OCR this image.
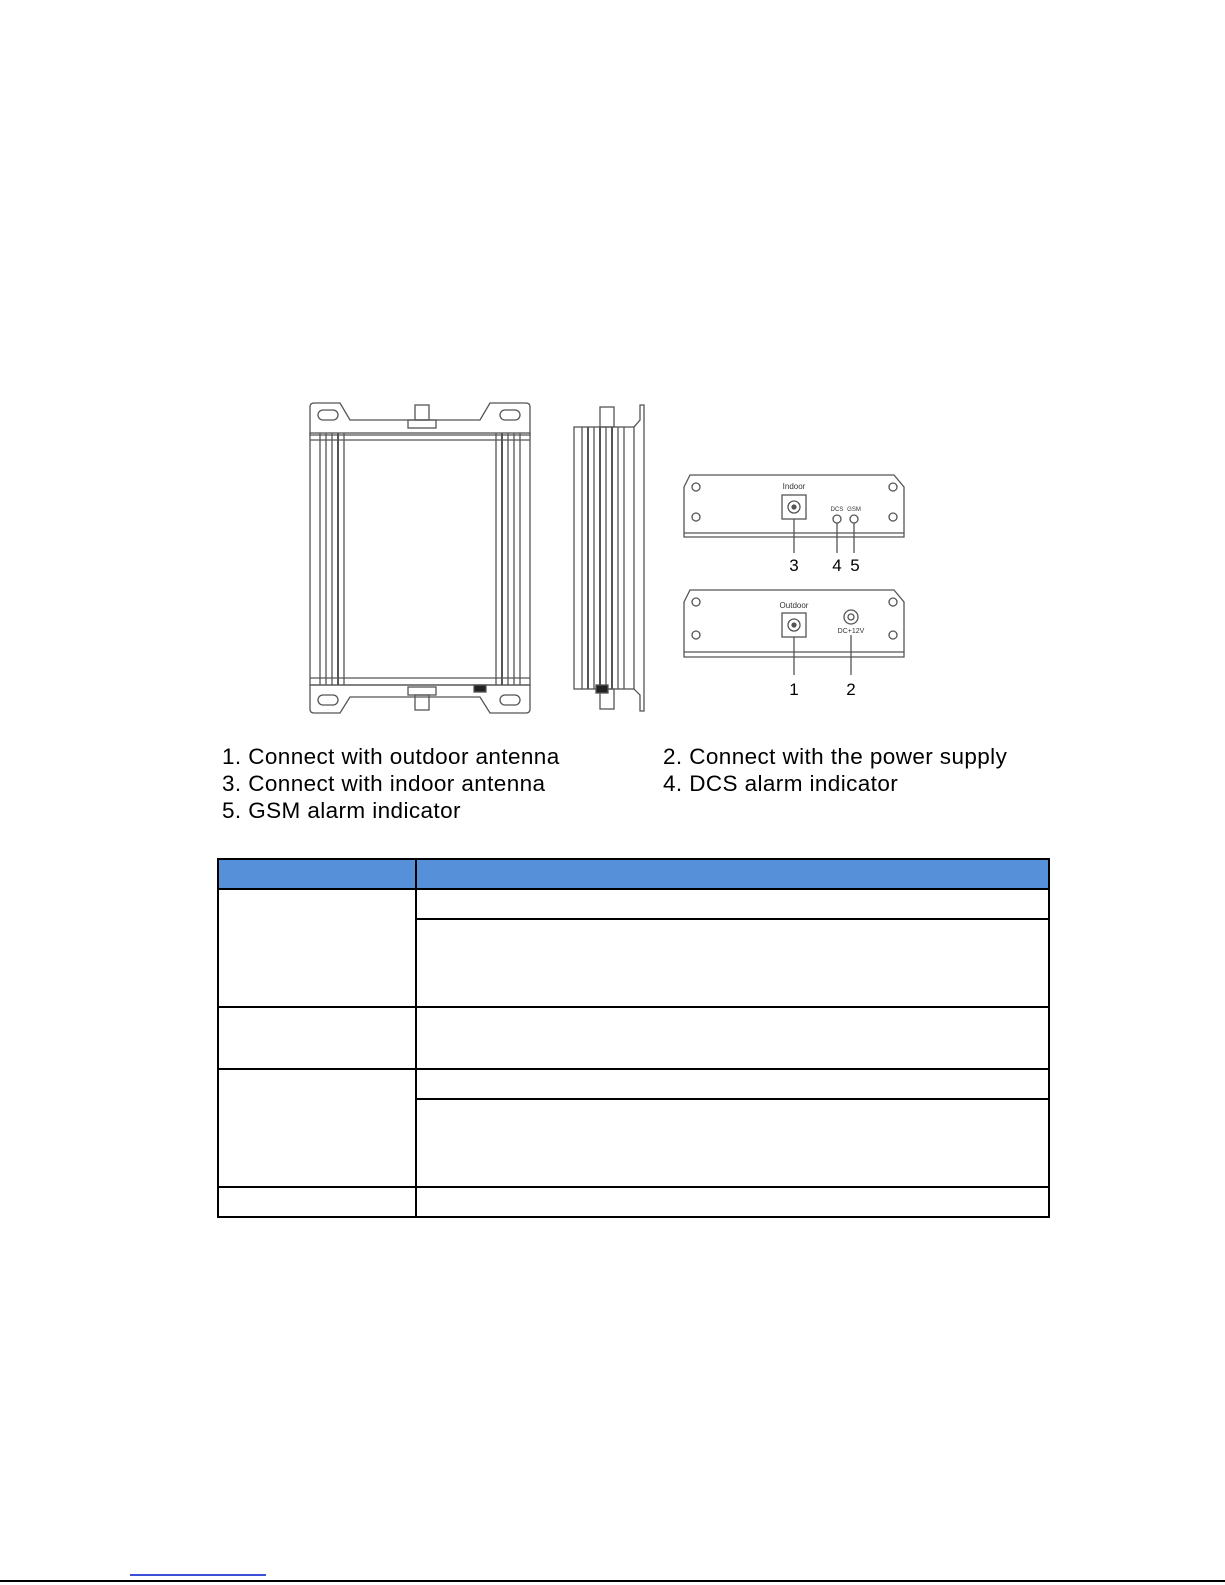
Indoor
DCS GSM
Outdoor
DC+12V
3 4 5
1	2
1. Connect with outdoor antenna	2. Connect with the power supply
3. Connect with indoor antenna	4. DCS alarm indicator
5. GSM alarm indicator
